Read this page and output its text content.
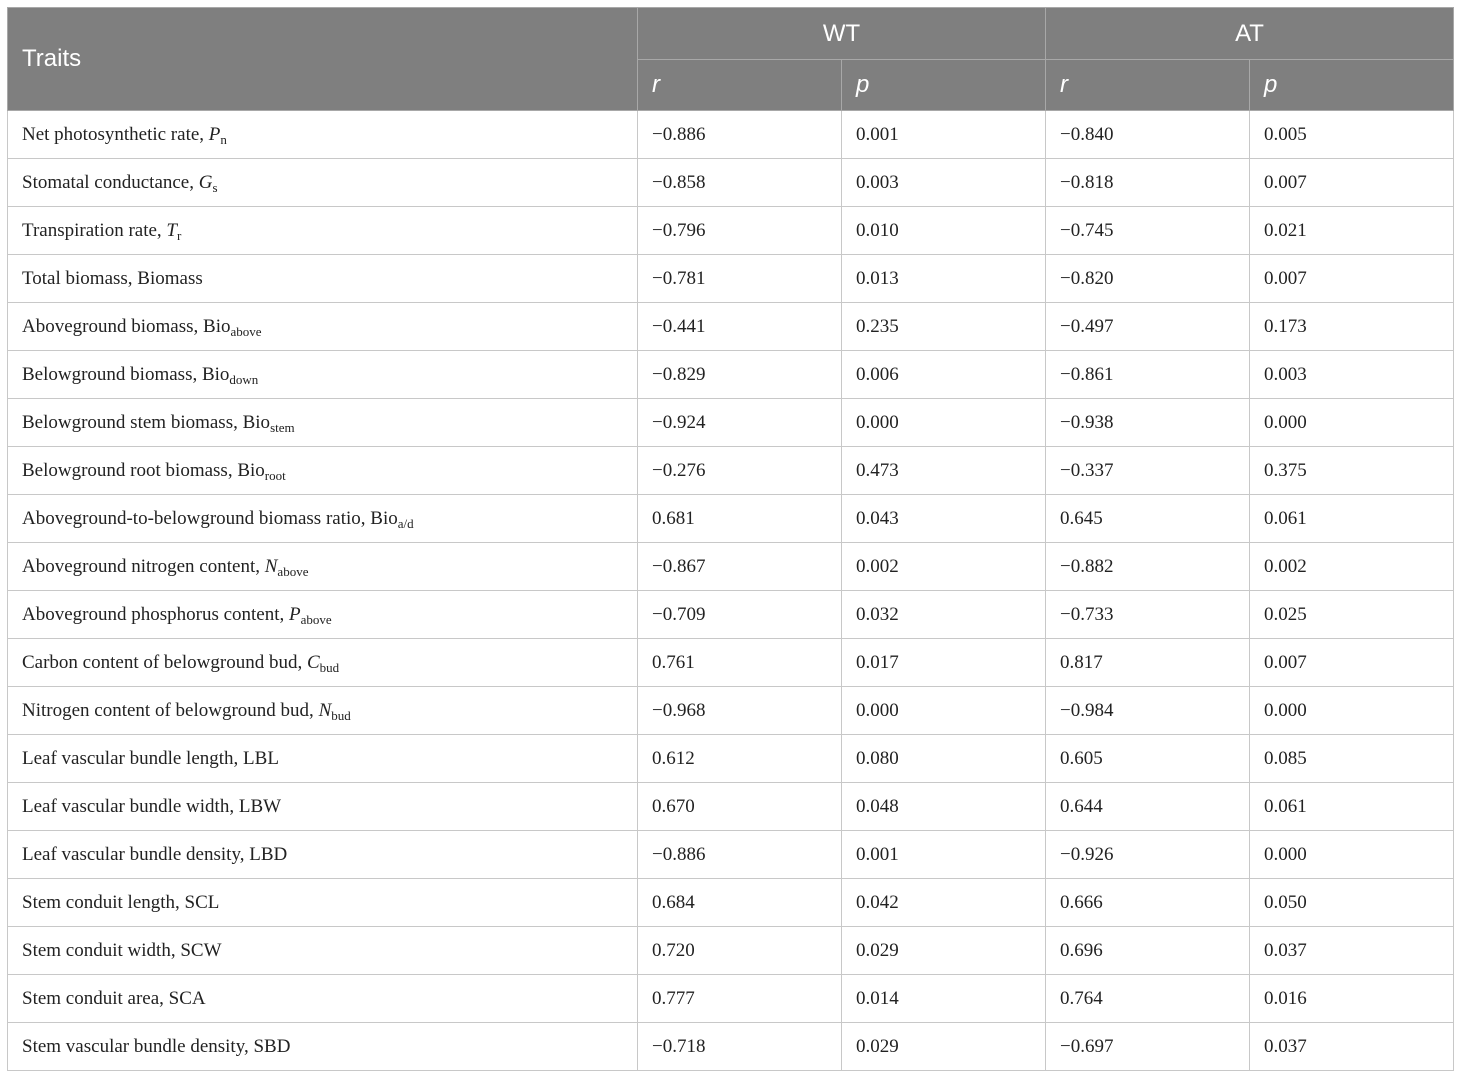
Traits	WT		AT	
	r	p	r	p
Net photosynthetic rate, $P_n$	−0.886	0.001	−0.840	0.005
Stomatal conductance, $G_s$	−0.858	0.003	−0.818	0.007
Transpiration rate, $T_r$	−0.796	0.010	−0.745	0.021
Total biomass, Biomass	−0.781	0.013	−0.820	0.007
Aboveground biomass, Bio$_{above}$	−0.441	0.235	−0.497	0.173
Belowground biomass, Bio$_{down}$	−0.829	0.006	−0.861	0.003
Belowground stem biomass, Bio$_{stem}$	−0.924	0.000	−0.938	0.000
Belowground root biomass, Bio$_{root}$	−0.276	0.473	−0.337	0.375
Aboveground-to-belowground biomass ratio, Bio$_{a/d}$	0.681	0.043	0.645	0.061
Aboveground nitrogen content, $N_{above}$	−0.867	0.002	−0.882	0.002
Aboveground phosphorus content, $P_{above}$	−0.709	0.032	−0.733	0.025
Carbon content of belowground bud, $C_{bud}$	0.761	0.017	0.817	0.007
Nitrogen content of belowground bud, $N_{bud}$	−0.968	0.000	−0.984	0.000
Leaf vascular bundle length, LBL	0.612	0.080	0.605	0.085
Leaf vascular bundle width, LBW	0.670	0.048	0.644	0.061
Leaf vascular bundle density, LBD	−0.886	0.001	−0.926	0.000
Stem conduit length, SCL	0.684	0.042	0.666	0.050
Stem conduit width, SCW	0.720	0.029	0.696	0.037
Stem conduit area, SCA	0.777	0.014	0.764	0.016
Stem vascular bundle density, SBD	−0.718	0.029	−0.697	0.037
